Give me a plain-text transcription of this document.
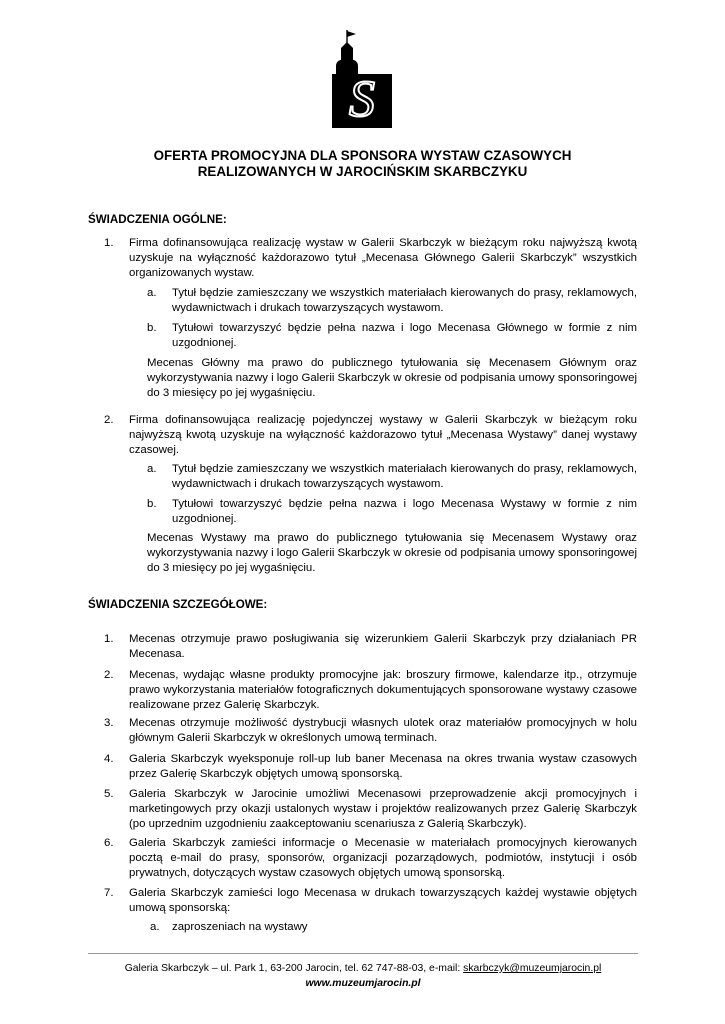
S
OFERTA PROMOCYJNA DLA SPONSORA WYSTAW CZASOWYCH
REALIZOWANYCH W JAROCIŃSKIM SKARBCZYKU
ŚWIADCZENIA OGÓLNE:
1. Firma dofinansowująca realizację wystaw w Galerii Skarbczyk w bieżącym roku najwyższą kwotą uzyskuje na wyłączność każdorazowo tytuł „Mecenasa Głównego Galerii Skarbczyk” wszystkich organizowanych wystaw.
a. Tytuł będzie zamieszczany we wszystkich materiałach kierowanych do prasy, reklamowych, wydawnictwach i drukach towarzyszących wystawom.
b. Tytułowi towarzyszyć będzie pełna nazwa i logo Mecenasa Głównego w formie z nim uzgodnionej.
Mecenas Główny ma prawo do publicznego tytułowania się Mecenasem Głównym oraz wykorzystywania nazwy i logo Galerii Skarbczyk w okresie od podpisania umowy sponsoringowej do 3 miesięcy po jej wygaśnięciu.
2. Firma dofinansowująca realizację pojedynczej wystawy w Galerii Skarbczyk w bieżącym roku najwyższą kwotą uzyskuje na wyłączność każdorazowo tytuł „Mecenasa Wystawy” danej wystawy czasowej.
a. Tytuł będzie zamieszczany we wszystkich materiałach kierowanych do prasy, reklamowych, wydawnictwach i drukach towarzyszących wystawom.
b. Tytułowi towarzyszyć będzie pełna nazwa i logo Mecenasa Wystawy w formie z nim uzgodnionej.
Mecenas Wystawy ma prawo do publicznego tytułowania się Mecenasem Wystawy oraz wykorzystywania nazwy i logo Galerii Skarbczyk w okresie od podpisania umowy sponsoringowej do 3 miesięcy po jej wygaśnięciu.
ŚWIADCZENIA SZCZEGÓŁOWE:
1. Mecenas otrzymuje prawo posługiwania się wizerunkiem Galerii Skarbczyk przy działaniach PR Mecenasa.
2. Mecenas, wydając własne produkty promocyjne jak: broszury firmowe, kalendarze itp., otrzymuje prawo wykorzystania materiałów fotograficznych dokumentujących sponsorowane wystawy czasowe realizowane przez Galerię Skarbczyk.
3. Mecenas otrzymuje możliwość dystrybucji własnych ulotek oraz materiałów promocyjnych w holu głównym Galerii Skarbczyk w określonych umową terminach.
4. Galeria Skarbczyk wyeksponuje roll-up lub baner Mecenasa na okres trwania wystaw czasowych przez Galerię Skarbczyk objętych umową sponsorską.
5. Galeria Skarbczyk w Jarocinie umożliwi Mecenasowi przeprowadzenie akcji promocyjnych i marketingowych przy okazji ustalonych wystaw i projektów realizowanych przez Galerię Skarbczyk (po uprzednim uzgodnieniu zaakceptowaniu scenariusza z Galerią Skarbczyk).
6. Galeria Skarbczyk zamieści informacje o Mecenasie w materiałach promocyjnych kierowanych pocztą e-mail do prasy, sponsorów, organizacji pozarządowych, podmiotów, instytucji i osób prywatnych, dotyczących wystaw czasowych objętych umową sponsorską.
7. Galeria Skarbczyk zamieści logo Mecenasa w drukach towarzyszących każdej wystawie objętych umową sponsorską:
a. zaproszeniach na wystawy
Galeria Skarbczyk – ul. Park 1, 63-200 Jarocin, tel. 62 747-88-03, e-mail: skarbczyk@muzeumjarocin.pl
www.muzeumjarocin.pl
